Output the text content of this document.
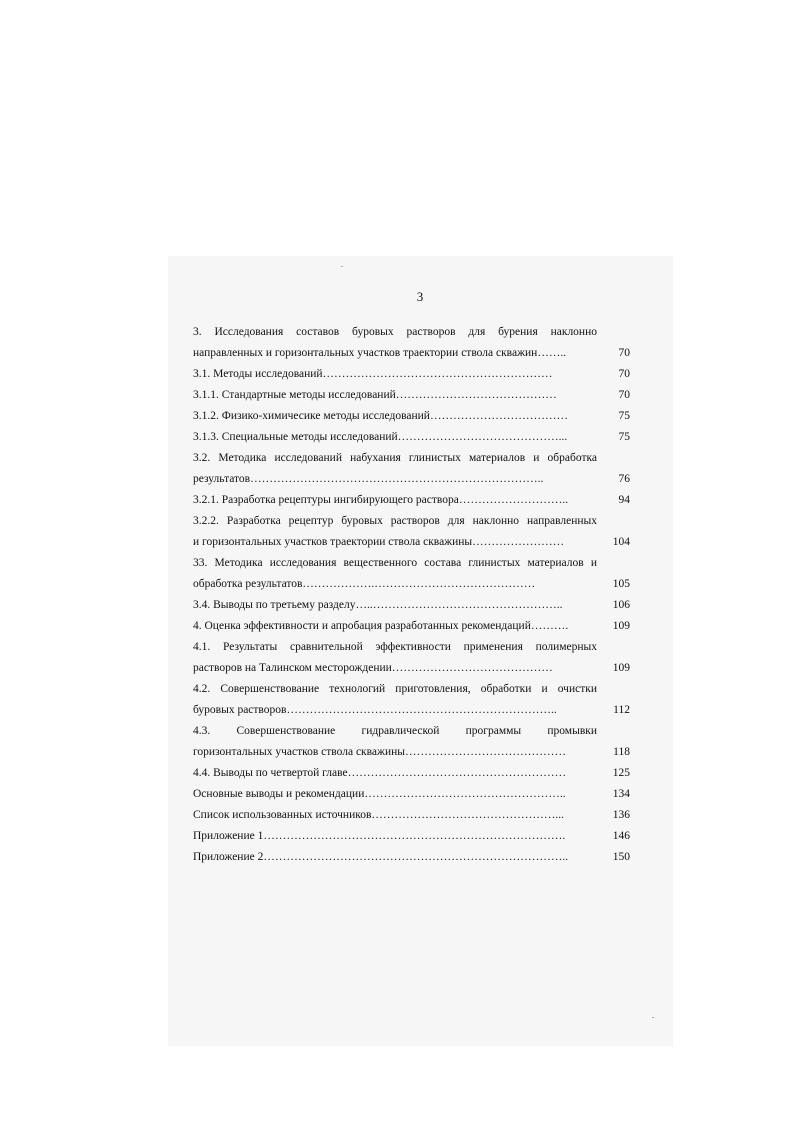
3
3. Исследования составов буровых растворов для бурения наклонно
направленных и горизонтальных участков траектории ствола скважин……..	70
3.1. Методы исследований……………………………………………………	70
3.1.1. Стандартные методы исследований……………………………………	70
3.1.2. Физико-химичесике методы исследований………………………………	75
3.1.3. Специальные методы исследований……………………………………...	75
3.2. Методика исследований набухания глинистых материалов и обработка
результатов…………………………………………………………………..	76
3.2.1. Разработка рецептуры ингибирующего раствора………………………..	94
3.2.2. Разработка рецептур буровых растворов для наклонно направленных
и горизонтальных участков траектории ствола скважины……………………	104
33. Методика исследования вещественного состава глинистых материалов и
обработка результатов……………….……………………………………	105
3.4. Выводы по третьему разделу…..…………………………………………..	106
4. Оценка эффективности и апробация разработанных рекомендаций……….	109
4.1. Результаты сравнительной эффективности применения полимерных
растворов на Талинском месторождении……………………………………	109
4.2. Совершенствование технологий приготовления, обработки и очистки
буровых растворов……………………………………………………………..	112
4.3. Совершенствование гидравлической программы промывки
горизонтальных участков ствола скважины……………………………………	118
4.4. Выводы по четвертой главе…………………………………………………	125
Основные выводы и рекомендации……………………………………………..	134
Список использованных источников…………………………………………...	136
Приложение 1…………………………………………………………………….	146
Приложение 2……………………………………………………………………..	150
